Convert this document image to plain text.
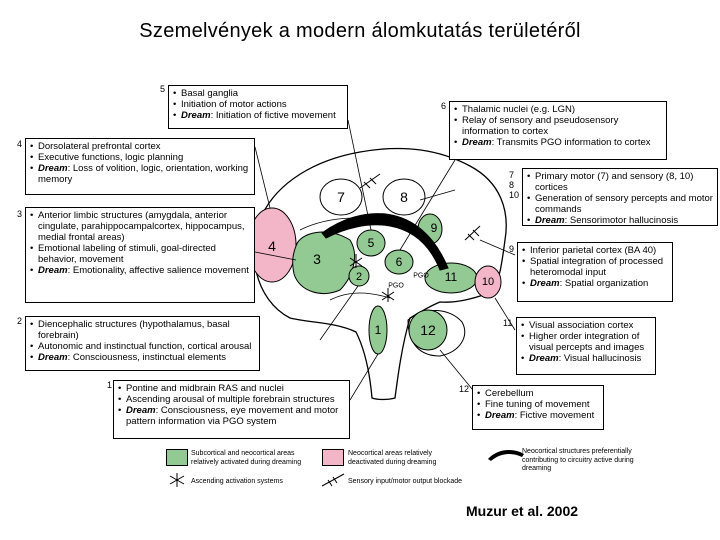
Szemelvények a modern álomkutatás területéről
4
3
5
6
2
9
11 10
7	8
1	12
PGO
PGO
5	• Basal ganglia
• Initiation of motor actions
• Dream: Initiation of fictive movement
6	• Thalamic nuclei (e.g. LGN)
• Relay of sensory and pseudosensory information to cortex
• Dream: Transmits PGO information to cortex
4	• Dorsolateral prefrontal cortex
• Executive functions, logic planning
• Dream: Loss of volition, logic, orientation, working memory	7
8
10
• Primary motor (7) and sensory (8, 10) cortices
• Generation of sensory percepts and motor commands
• Dream: Sensorimotor hallucinosis
3	• Anterior limbic structures (amygdala, anterior cingulate, parahippocampalcortex, hippocampus, medial frontal areas)
• Emotional labeling of stimuli, goal-directed behavior, movement
• Dream: Emotionality, affective salience movement
9	• Inferior parietal cortex (BA 40)
• Spatial integration of processed heteromodal input
• Dream: Spatial organization
2	• Diencephalic structures (hypothalamus, basal forebrain)
• Autonomic and instinctual function, cortical arousal
• Dream: Consciousness, instinctual elements
11	• Visual association cortex
• Higher order integration of visual percepts and images
• Dream: Visual hallucinosis
1	• Pontine and midbrain RAS and nuclei
• Ascending arousal of multiple forebrain structures
• Dream: Consciousness, eye movement and motor pattern information via PGO system
12	• Cerebellum
• Fine tuning of movement
• Dream: Fictive movement
Subcortical and neocortical areas relatively activated during dreaming
Neocortical areas relatively deactivated during dreaming
Neocortical structures preferentially contributing to circuitry active during dreaming
Ascending activation systems	Sensory input/motor output blockade
Muzur et al. 2002
